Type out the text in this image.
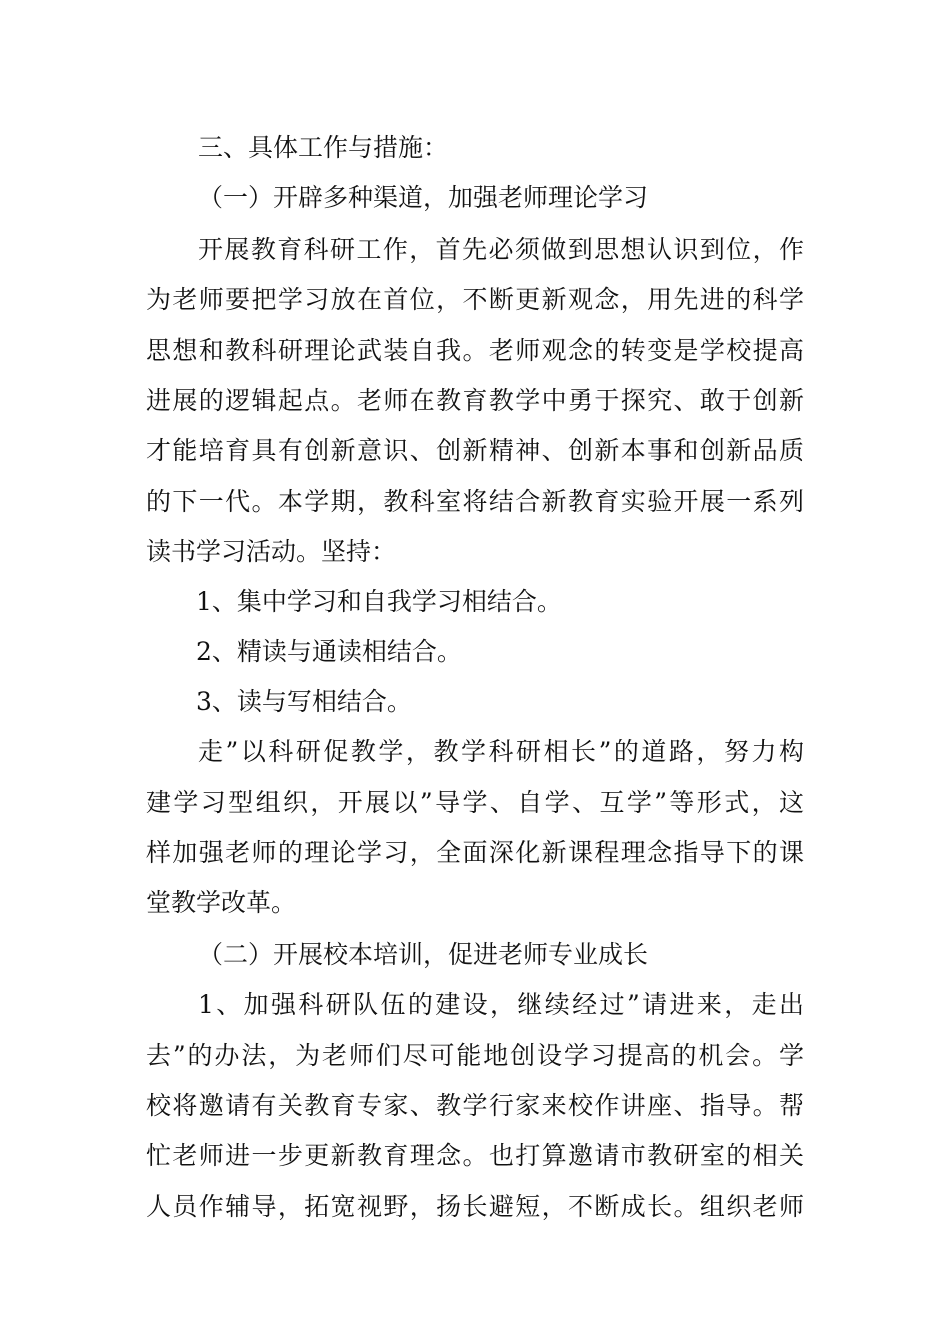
三、具体工作与措施：
（一）开辟多种渠道，加强老师理论学习
开展教育科研工作，首先必须做到思想认识到位，作
为老师要把学习放在首位，不断更新观念，用先进的科学
思想和教科研理论武装自我。老师观念的转变是学校提高
进展的逻辑起点。老师在教育教学中勇于探究、敢于创新
才能培育具有创新意识、创新精神、创新本事和创新品质
的下一代。本学期，教科室将结合新教育实验开展一系列
读书学习活动。坚持：
1、集中学习和自我学习相结合。
2、精读与通读相结合。
3、读与写相结合。
走”以科研促教学，教学科研相长”的道路，努力构
建学习型组织，开展以”导学、自学、互学”等形式，这
样加强老师的理论学习，全面深化新课程理念指导下的课
堂教学改革。
（二）开展校本培训，促进老师专业成长
1、加强科研队伍的建设，继续经过”请进来，走出
去”的办法，为老师们尽可能地创设学习提高的机会。学
校将邀请有关教育专家、教学行家来校作讲座、指导。帮
忙老师进一步更新教育理念。也打算邀请市教研室的相关
人员作辅导，拓宽视野，扬长避短，不断成长。组织老师
